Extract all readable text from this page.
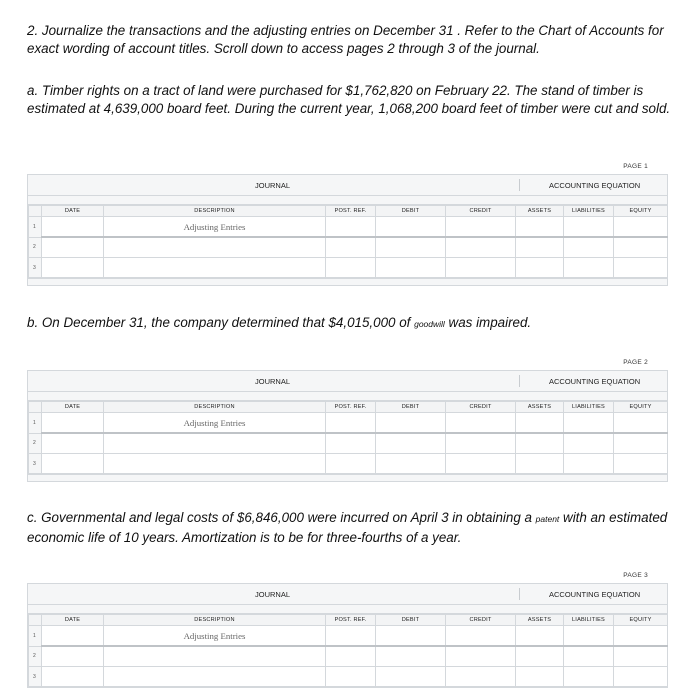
2. Journalize the transactions and the adjusting entries on December 31 . Refer to the Chart of Accounts for exact wording of account titles. Scroll down to access pages 2 through 3 of the journal.
a. Timber rights on a tract of land were purchased for $1,762,820 on February 22. The stand of timber is estimated at 4,639,000 board feet. During the current year, 1,068,200 board feet of timber were cut and sold.
PAGE 1
JOURNAL	ACCOUNTING EQUATION
	DATE	DESCRIPTION	POST. REF.	DEBIT	CREDIT	ASSETS	LIABILITIES	EQUITY
1		Adjusting Entries						
2								
3								
b. On December 31, the company determined that $4,015,000 of goodwill was impaired.
PAGE 2
JOURNAL	ACCOUNTING EQUATION
	DATE	DESCRIPTION	POST. REF.	DEBIT	CREDIT	ASSETS	LIABILITIES	EQUITY
1		Adjusting Entries						
2								
3								
c. Governmental and legal costs of $6,846,000 were incurred on April 3 in obtaining a patent with an estimated economic life of 10 years. Amortization is to be for three-fourths of a year.
PAGE 3
JOURNAL	ACCOUNTING EQUATION
	DATE	DESCRIPTION	POST. REF.	DEBIT	CREDIT	ASSETS	LIABILITIES	EQUITY
1		Adjusting Entries						
2								
3								
